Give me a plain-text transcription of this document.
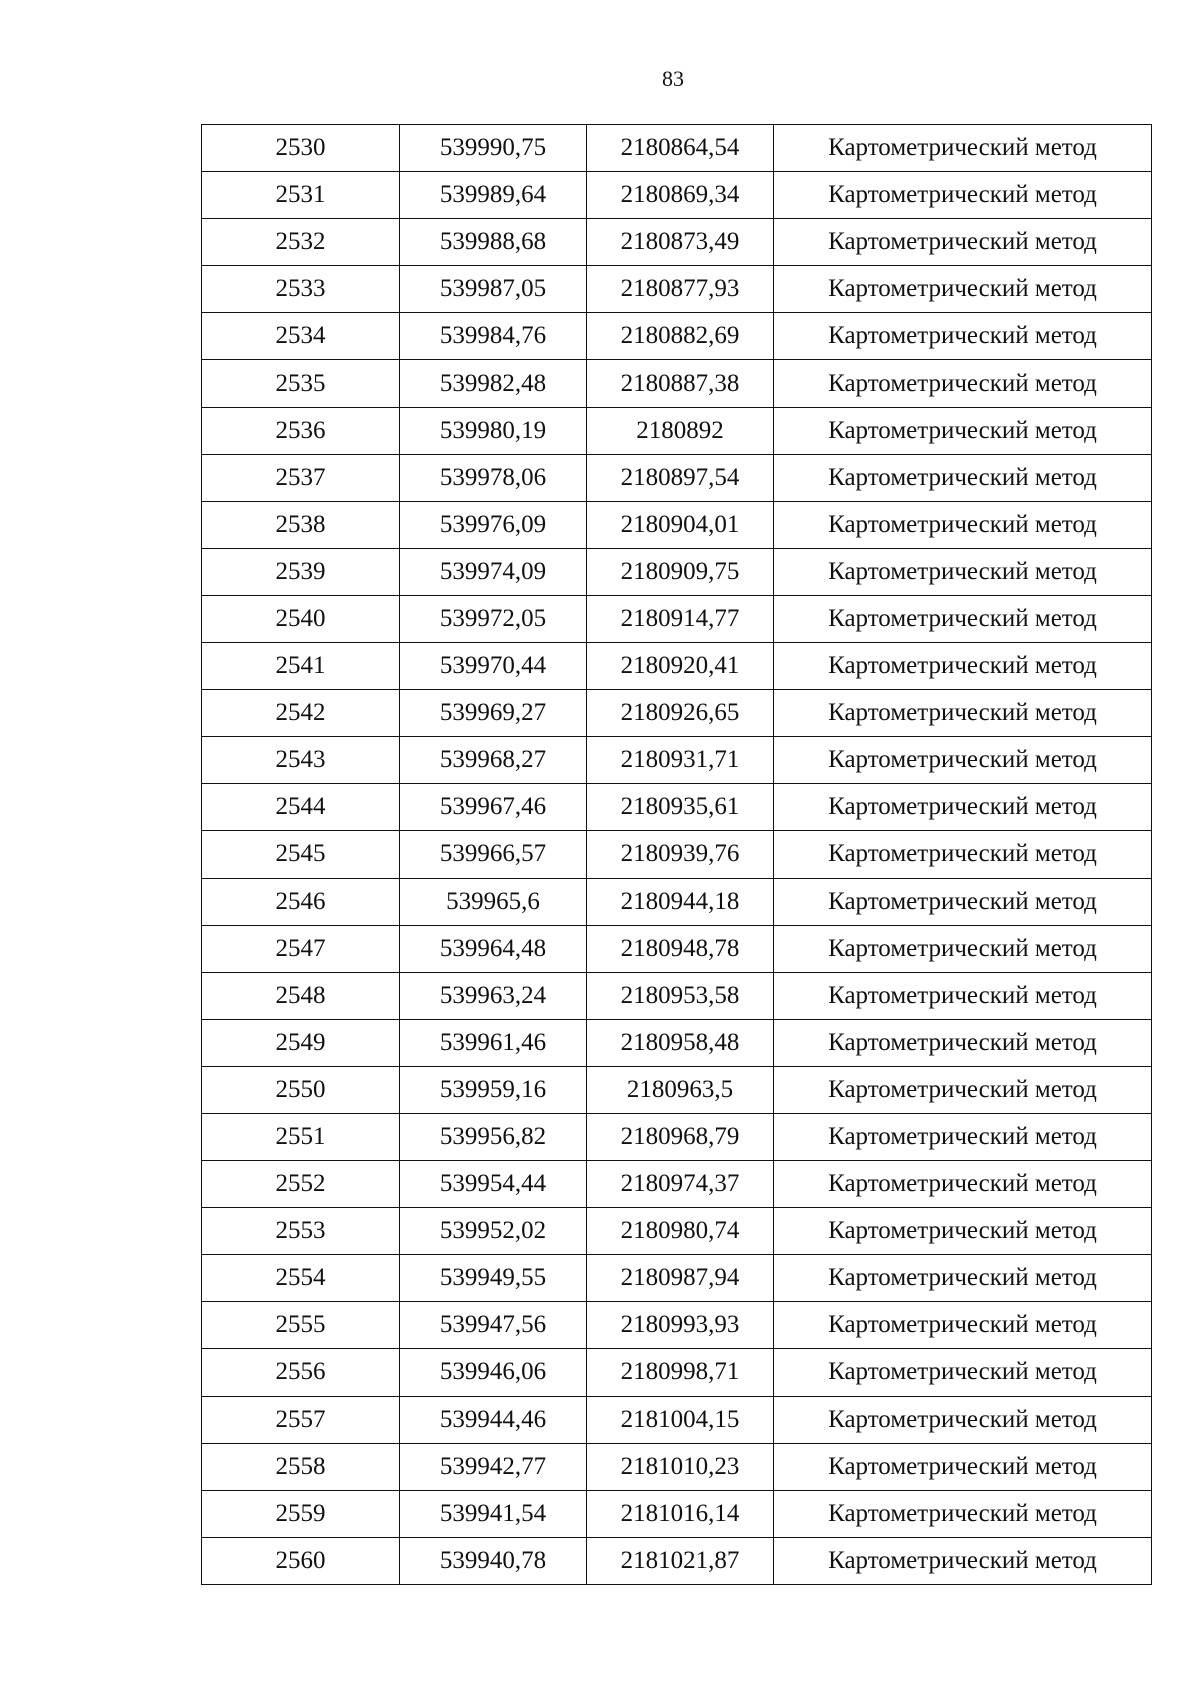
83
2530	539990,75	2180864,54	Картометрический метод
2531	539989,64	2180869,34	Картометрический метод
2532	539988,68	2180873,49	Картометрический метод
2533	539987,05	2180877,93	Картометрический метод
2534	539984,76	2180882,69	Картометрический метод
2535	539982,48	2180887,38	Картометрический метод
2536	539980,19	2180892	Картометрический метод
2537	539978,06	2180897,54	Картометрический метод
2538	539976,09	2180904,01	Картометрический метод
2539	539974,09	2180909,75	Картометрический метод
2540	539972,05	2180914,77	Картометрический метод
2541	539970,44	2180920,41	Картометрический метод
2542	539969,27	2180926,65	Картометрический метод
2543	539968,27	2180931,71	Картометрический метод
2544	539967,46	2180935,61	Картометрический метод
2545	539966,57	2180939,76	Картометрический метод
2546	539965,6	2180944,18	Картометрический метод
2547	539964,48	2180948,78	Картометрический метод
2548	539963,24	2180953,58	Картометрический метод
2549	539961,46	2180958,48	Картометрический метод
2550	539959,16	2180963,5	Картометрический метод
2551	539956,82	2180968,79	Картометрический метод
2552	539954,44	2180974,37	Картометрический метод
2553	539952,02	2180980,74	Картометрический метод
2554	539949,55	2180987,94	Картометрический метод
2555	539947,56	2180993,93	Картометрический метод
2556	539946,06	2180998,71	Картометрический метод
2557	539944,46	2181004,15	Картометрический метод
2558	539942,77	2181010,23	Картометрический метод
2559	539941,54	2181016,14	Картометрический метод
2560	539940,78	2181021,87	Картометрический метод
